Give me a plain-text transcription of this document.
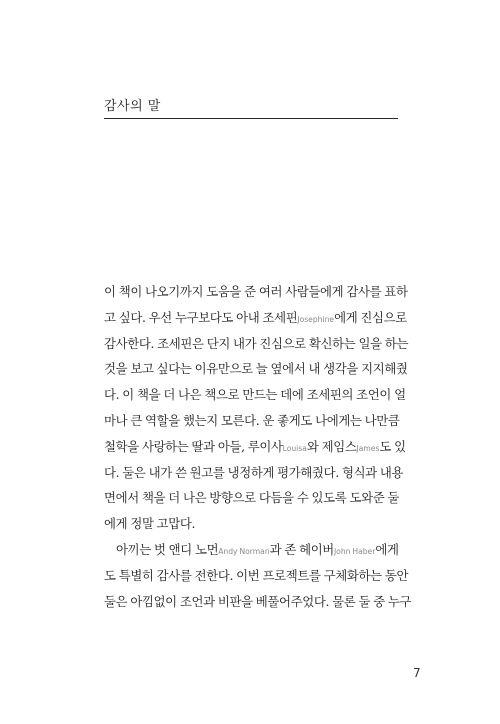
감사의 말
이 책이 나오기까지 도움을 준 여러 사람들에게 감사를 표하
고 싶다. 우선 누구보다도 아내 조세핀Josephine에게 진심으로
감사한다. 조세핀은 단지 내가 진심으로 확신하는 일을 하는
것을 보고 싶다는 이유만으로 늘 옆에서 내 생각을 지지해줬
다. 이 책을 더 나은 책으로 만드는 데에 조세핀의 조언이 얼
마나 큰 역할을 했는지 모른다. 운 좋게도 나에게는 나만큼
철학을 사랑하는 딸과 아들, 루이사Louisa와 제임스James도 있
다. 둘은 내가 쓴 원고를 냉정하게 평가해줬다. 형식과 내용
면에서 책을 더 나은 방향으로 다듬을 수 있도록 도와준 둘
에게 정말 고맙다.
아끼는 벗 앤디 노먼Andy Norman과 존 헤이버John Haber에게
도 특별히 감사를 전한다. 이번 프로젝트를 구체화하는 동안
둘은 아낌없이 조언과 비판을 베풀어주었다. 물론 둘 중 누구
7
